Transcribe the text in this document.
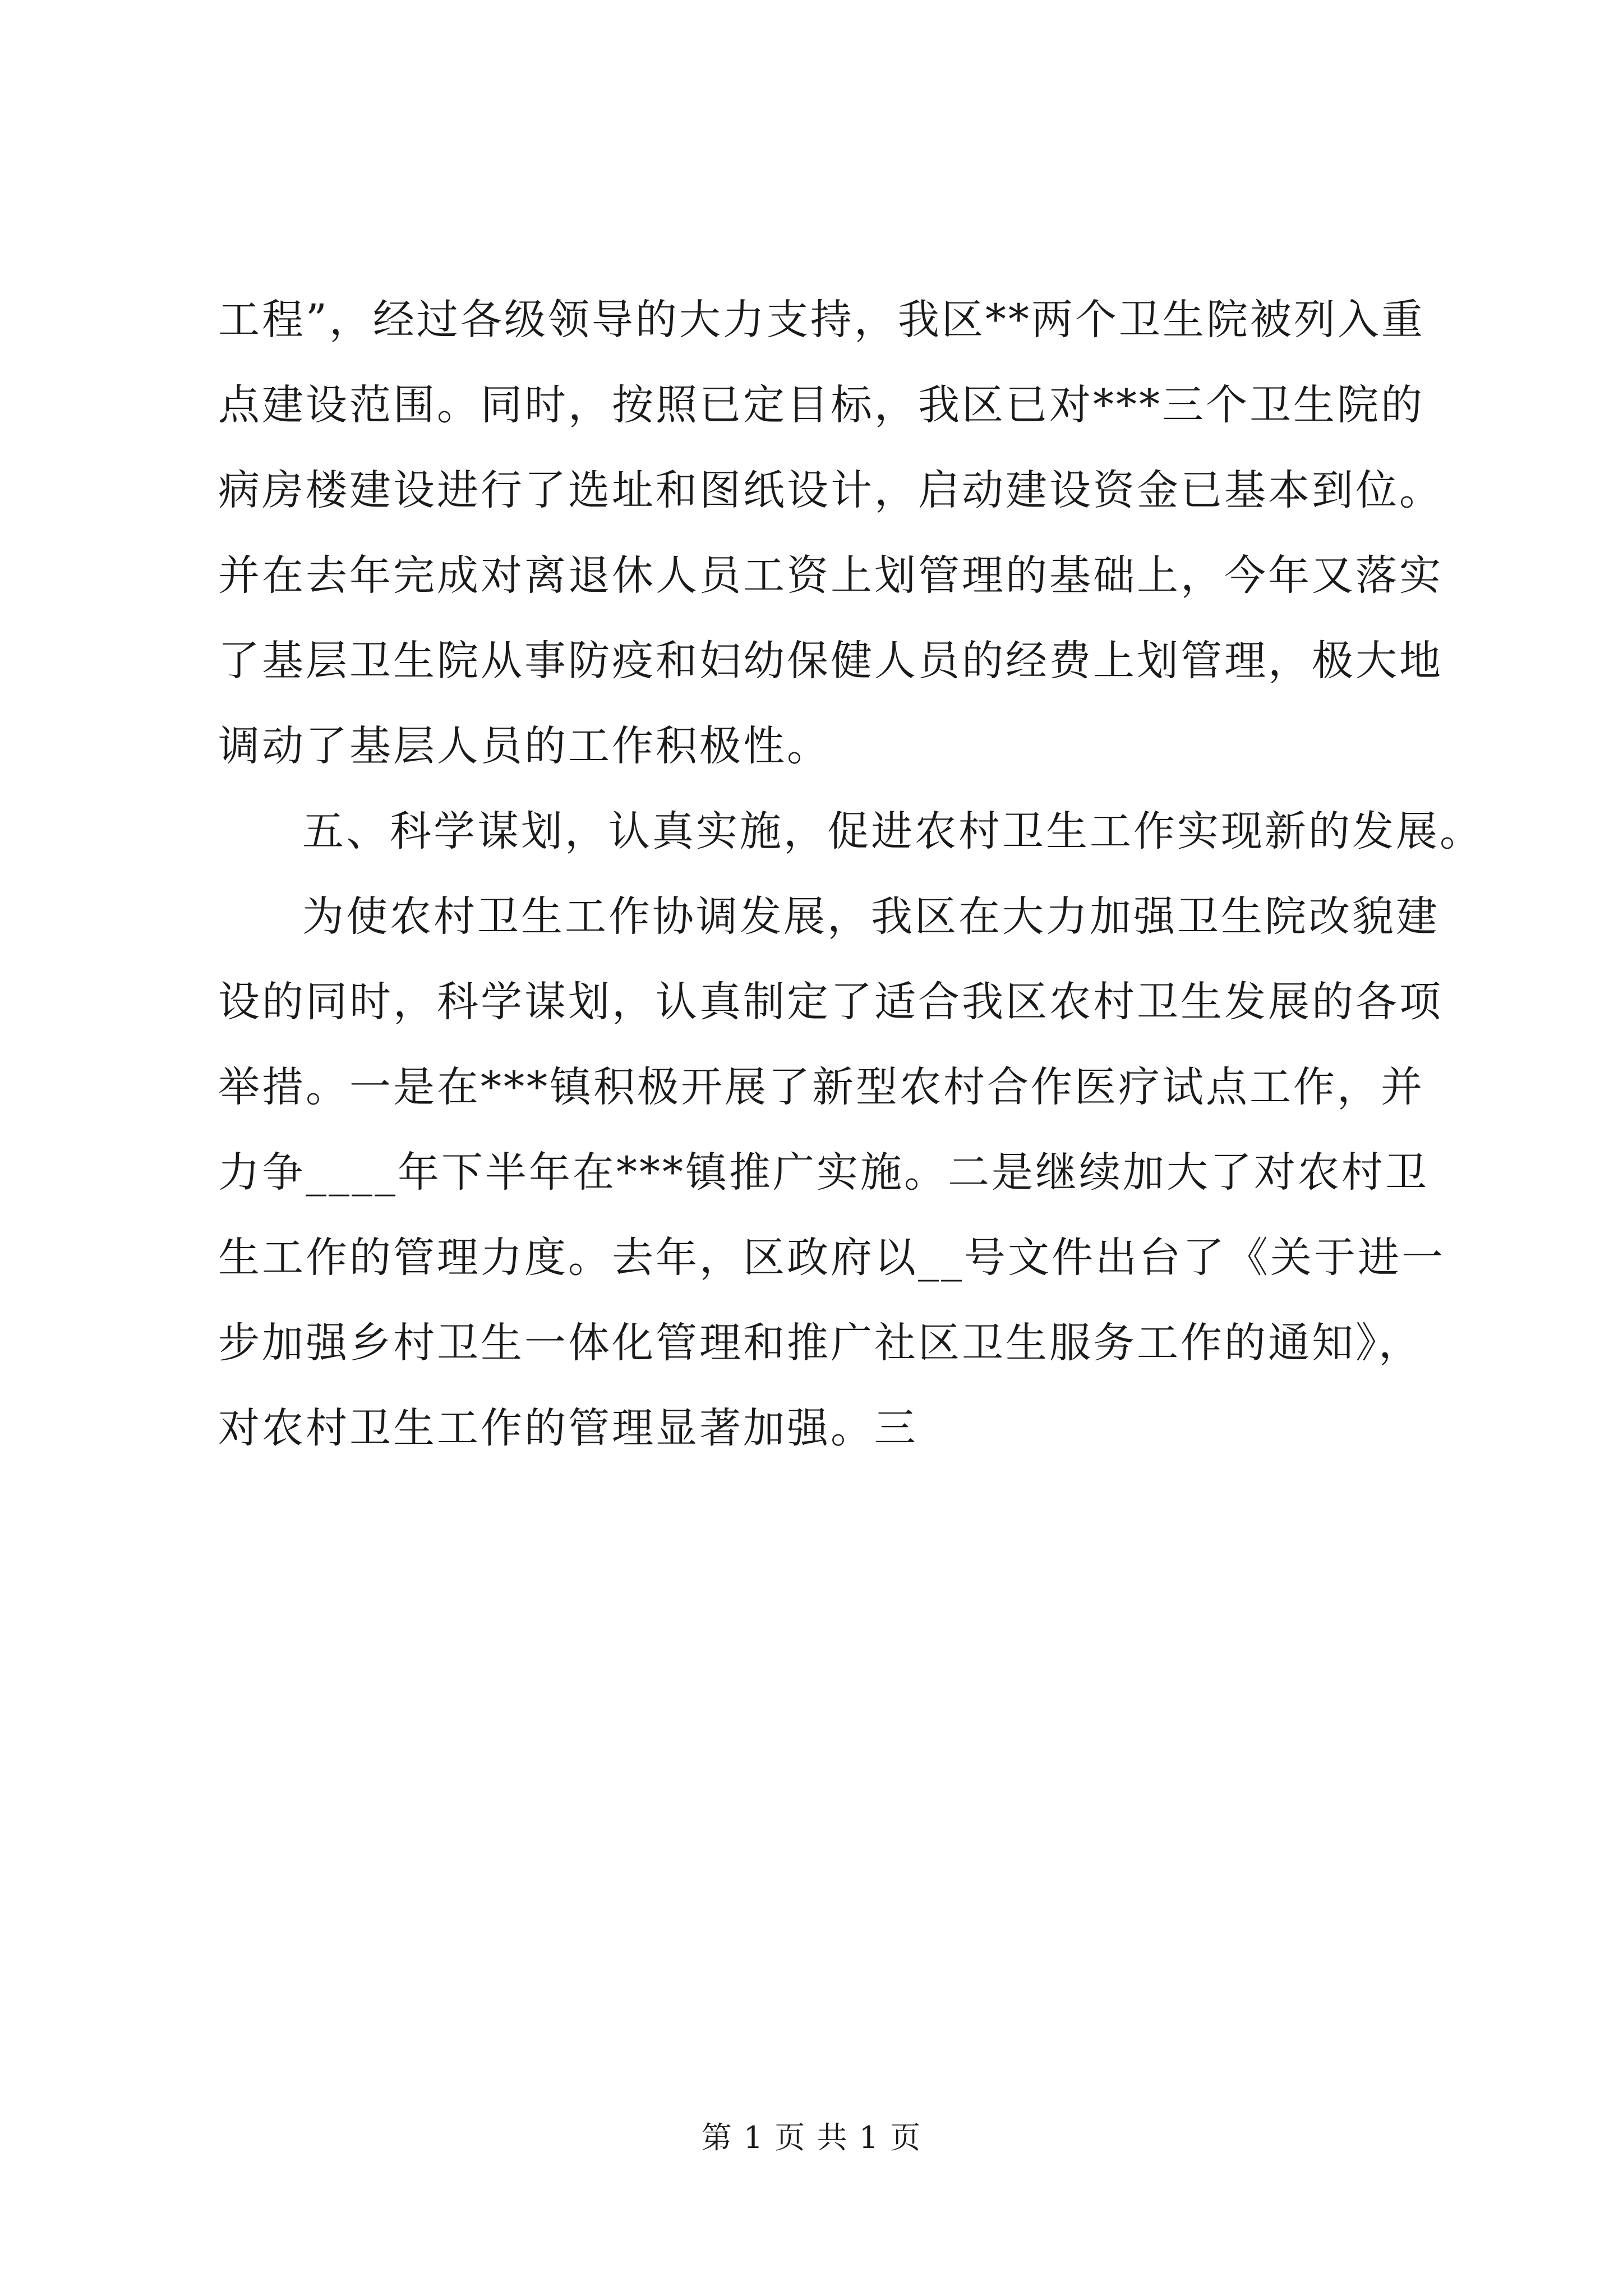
工程”，经过各级领导的大力支持，我区**两个卫生院被列入重
点建设范围。同时，按照已定目标，我区已对***三个卫生院的
病房楼建设进行了选址和图纸设计，启动建设资金已基本到位。
并在去年完成对离退休人员工资上划管理的基础上，今年又落实
了基层卫生院从事防疫和妇幼保健人员的经费上划管理，极大地
调动了基层人员的工作积极性。
五、科学谋划，认真实施，促进农村卫生工作实现新的发展。
为使农村卫生工作协调发展，我区在大力加强卫生院改貌建
设的同时，科学谋划，认真制定了适合我区农村卫生发展的各项
举措。一是在***镇积极开展了新型农村合作医疗试点工作，并
力争____年下半年在***镇推广实施。二是继续加大了对农村卫
生工作的管理力度。去年，区政府以__号文件出台了《关于进一
步加强乡村卫生一体化管理和推广社区卫生服务工作的通知》，
对农村卫生工作的管理显著加强。三
第 1 页 共 1 页
